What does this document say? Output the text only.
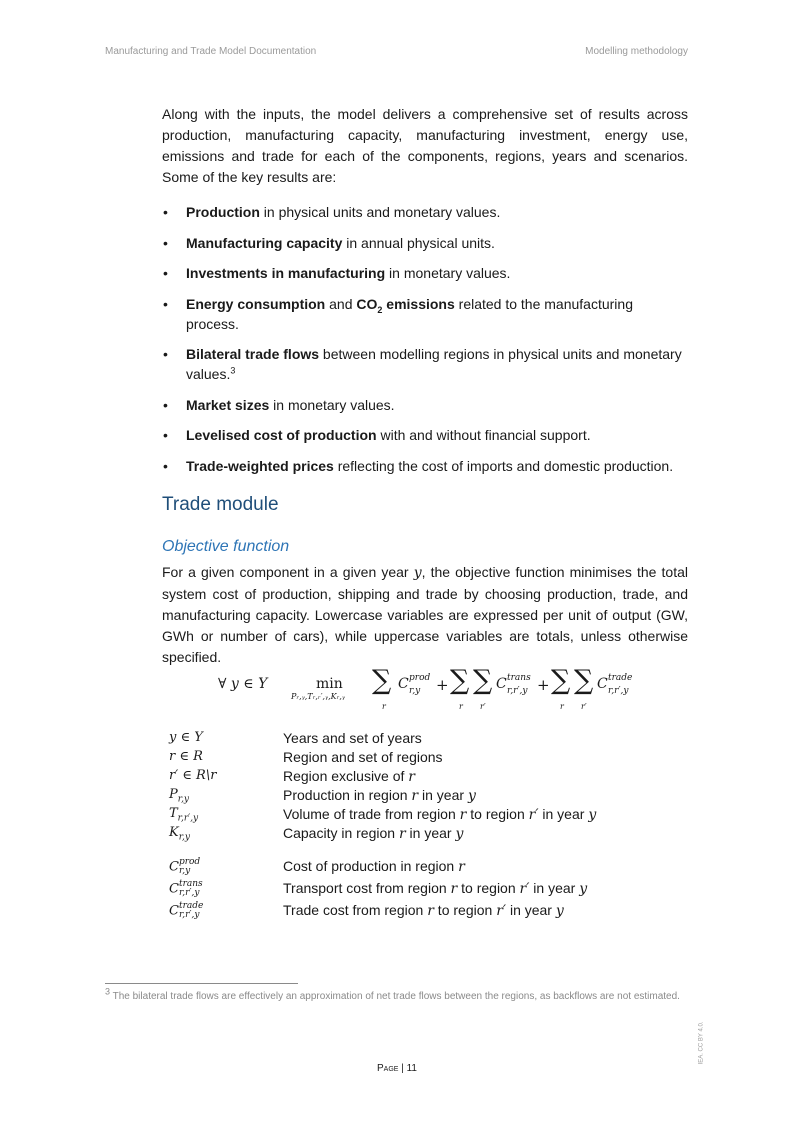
Manufacturing and Trade Model Documentation	Modelling methodology

Along with the inputs, the model delivers a comprehensive set of results across production, manufacturing capacity, manufacturing investment, energy use, emissions and trade for each of the components, regions, years and scenarios. Some of the key results are:

• Production in physical units and monetary values.
• Manufacturing capacity in annual physical units.
• Investments in manufacturing in monetary values.
• Energy consumption and $CO_2$ emissions related to the manufacturing process.
• Bilateral trade flows between modelling regions in physical units and monetary values.$^3$
• Market sizes in monetary values.
• Levelised cost of production with and without financial support.
• Trade-weighted prices reflecting the cost of imports and domestic production.
Trade module
Objective function

For a given component in a given year y, the objective function minimises the total system cost of production, shipping and trade by choosing production, trade, and manufacturing capacity. Lowercase variables are expressed per unit of output (GW, GWh or number of cars), while uppercase variables are totals, unless otherwise specified.

∀ y ∈ Y	min
Pᵣ,ᵧ,Tᵣ,ᵣ′,ᵧ,Kᵣ,ᵧ
∑
r
C prod
r,y + ∑
r
∑
r′
C trans
r,r′,y + ∑
r
∑
r′
C trade
r,r′,y
y ∈ Y	Years and set of years
r ∈ R	Region and set of regions
r′ ∈ R\r	Region exclusive of r
$P_{r,y}$	Production in region r in year y
$T_{r,r',y}$	Volume of trade from region r to region r′ in year y
$K_{r,y}$	Capacity in region r in year y
Cprod
r,y	Cost of production in region r
Ctrans
r,r′,y	Transport cost from region r to region r′ in year y
Ctrade
r,r′,y	Trade cost from region r to region r′ in year y
3 The bilateral trade flows are effectively an approximation of net trade flows between the regions, as backflows are not estimated.
Page | 11
IEA. CC BY 4.0.
